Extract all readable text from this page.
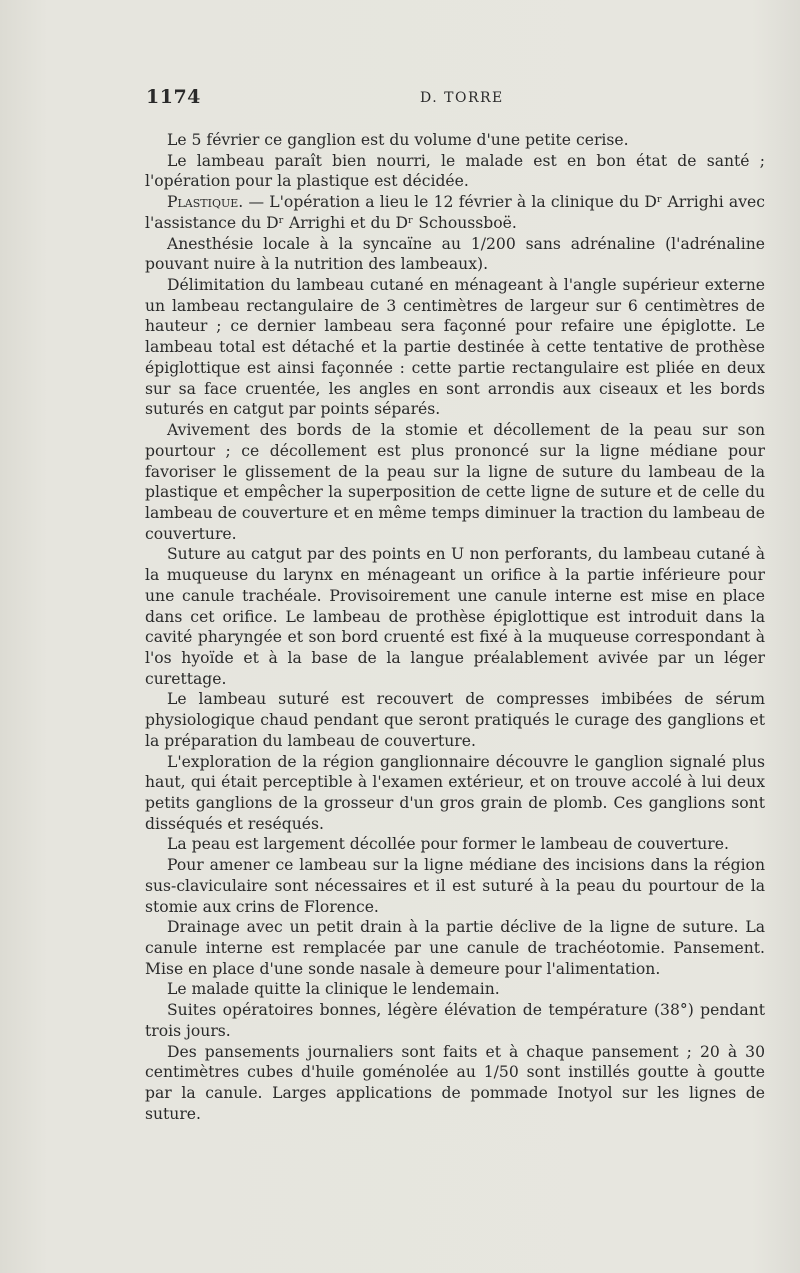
1174	D. TORRE

Le 5 février ce ganglion est du volume d'une petite cerise.

Le lambeau paraît bien nourri, le malade est en bon état de santé ; l'opération pour la plastique est décidée.

Plastique. — L'opération a lieu le 12 février à la clinique du Dʳ Arrighi avec l'assistance du Dʳ Arrighi et du Dʳ Schoussboë.

Anesthésie locale à la syncaïne au 1/200 sans adrénaline (l'adrénaline pouvant nuire à la nutrition des lambeaux).

Délimitation du lambeau cutané en ménageant à l'angle supérieur externe un lambeau rectangulaire de 3 centimètres de largeur sur 6 centimètres de hauteur ; ce dernier lambeau sera façonné pour refaire une épiglotte. Le lambeau total est détaché et la partie destinée à cette tentative de prothèse épiglottique est ainsi façonnée : cette partie rectangulaire est pliée en deux sur sa face cruentée, les angles en sont arrondis aux ciseaux et les bords suturés en catgut par points séparés.

Avivement des bords de la stomie et décollement de la peau sur son pourtour ; ce décollement est plus prononcé sur la ligne médiane pour favoriser le glissement de la peau sur la ligne de suture du lambeau de la plastique et empêcher la superposition de cette ligne de suture et de celle du lambeau de couverture et en même temps diminuer la traction du lambeau de couverture.

Suture au catgut par des points en U non perforants, du lambeau cutané à la muqueuse du larynx en ménageant un orifice à la partie inférieure pour une canule trachéale. Provisoirement une canule interne est mise en place dans cet orifice. Le lambeau de prothèse épiglottique est introduit dans la cavité pharyngée et son bord cruenté est fixé à la muqueuse correspondant à l'os hyoïde et à la base de la langue préalablement avivée par un léger curettage.

Le lambeau suturé est recouvert de compresses imbibées de sérum physiologique chaud pendant que seront pratiqués le curage des ganglions et la préparation du lambeau de couverture.

L'exploration de la région ganglionnaire découvre le ganglion signalé plus haut, qui était perceptible à l'examen extérieur, et on trouve accolé à lui deux petits ganglions de la grosseur d'un gros grain de plomb. Ces ganglions sont disséqués et reséqués.

La peau est largement décollée pour former le lambeau de couverture.

Pour amener ce lambeau sur la ligne médiane des incisions dans la région sus-claviculaire sont nécessaires et il est suturé à la peau du pourtour de la stomie aux crins de Florence.

Drainage avec un petit drain à la partie déclive de la ligne de suture. La canule interne est remplacée par une canule de trachéotomie. Pansement. Mise en place d'une sonde nasale à demeure pour l'alimentation.

Le malade quitte la clinique le lendemain.

Suites opératoires bonnes, légère élévation de température (38°) pendant trois jours.

Des pansements journaliers sont faits et à chaque pansement ; 20 à 30 centimètres cubes d'huile goménolée au 1/50 sont instillés goutte à goutte par la canule. Larges applications de pommade Inotyol sur les lignes de suture.
